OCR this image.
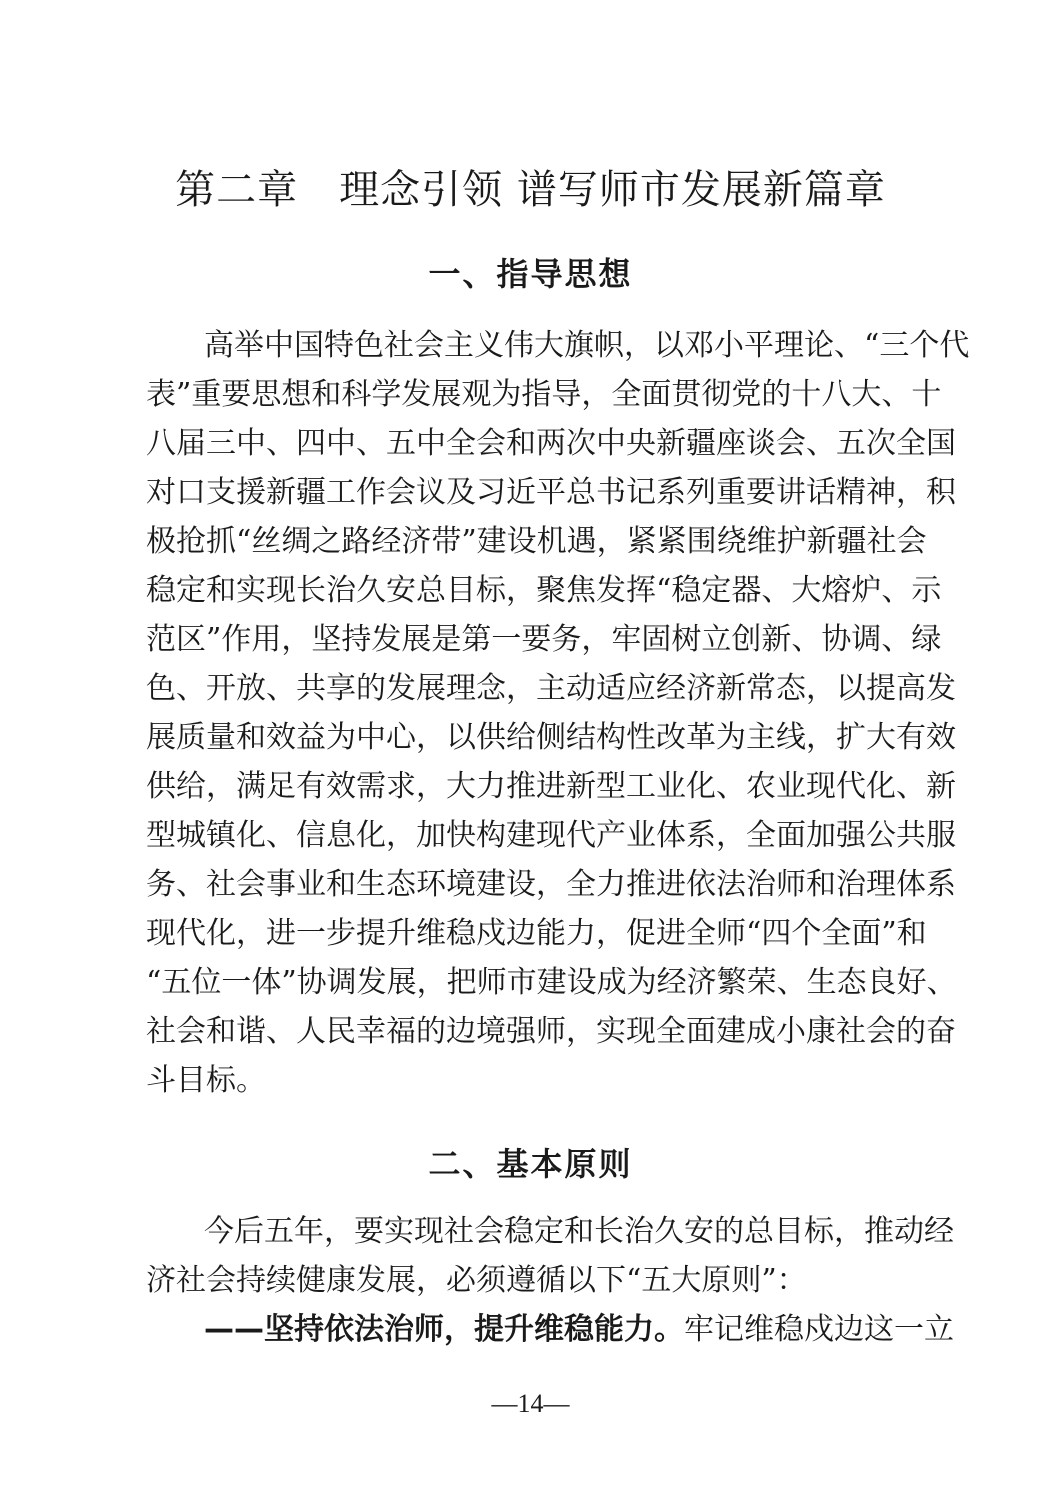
第二章　理念引领 谱写师市发展新篇章
一、指导思想
高举中国特色社会主义伟大旗帜，以邓小平理论、“三个代
表”重要思想和科学发展观为指导，全面贯彻党的十八大、十
八届三中、四中、五中全会和两次中央新疆座谈会、五次全国
对口支援新疆工作会议及习近平总书记系列重要讲话精神，积
极抢抓“丝绸之路经济带”建设机遇，紧紧围绕维护新疆社会
稳定和实现长治久安总目标，聚焦发挥“稳定器、大熔炉、示
范区”作用，坚持发展是第一要务，牢固树立创新、协调、绿
色、开放、共享的发展理念，主动适应经济新常态，以提高发
展质量和效益为中心，以供给侧结构性改革为主线，扩大有效
供给，满足有效需求，大力推进新型工业化、农业现代化、新
型城镇化、信息化，加快构建现代产业体系，全面加强公共服
务、社会事业和生态环境建设，全力推进依法治师和治理体系
现代化，进一步提升维稳戍边能力，促进全师“四个全面”和
“五位一体”协调发展，把师市建设成为经济繁荣、生态良好、
社会和谐、人民幸福的边境强师，实现全面建成小康社会的奋
斗目标。
二、基本原则
今后五年，要实现社会稳定和长治久安的总目标，推动经
济社会持续健康发展，必须遵循以下“五大原则”：
——坚持依法治师，提升维稳能力。牢记维稳戍边这一立
—14—
